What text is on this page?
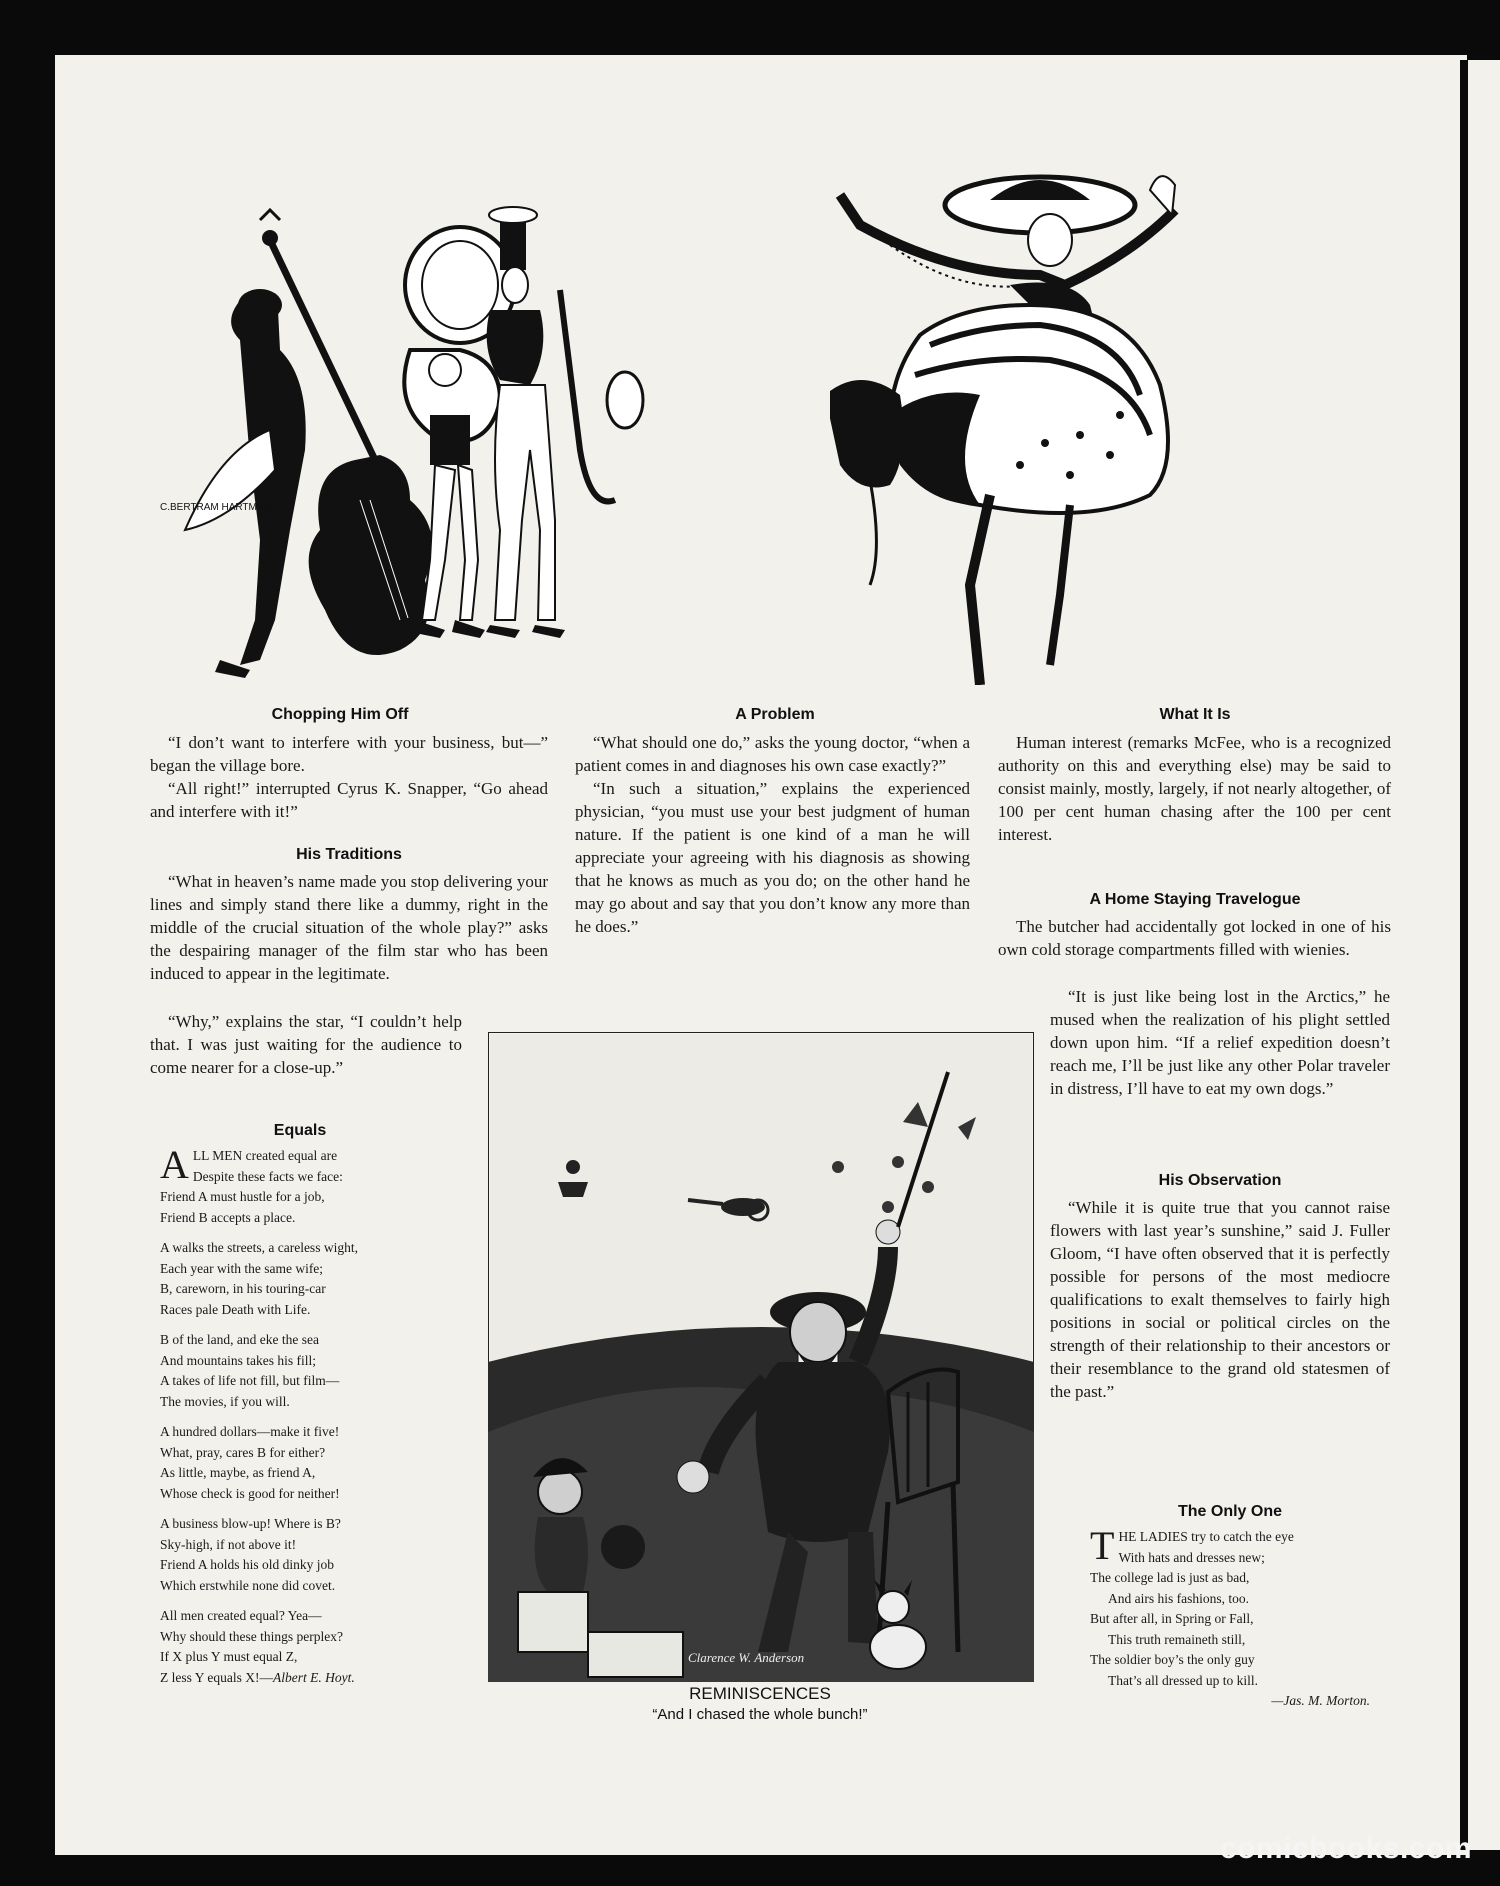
C.BERTRAM HARTMAN
Chopping Him Off

“I don’t want to interfere with your business, but—” began the village bore.

“All right!” interrupted Cyrus K. Snapper, “Go ahead and interfere with it!”

His Traditions

“What in heaven’s name made you stop delivering your lines and simply stand there like a dummy, right in the middle of the crucial situation of the whole play?” asks the despairing manager of the film star who has been induced to appear in the legitimate.

“Why,” explains the star, “I couldn’t help that. I was just waiting for the audience to come nearer for a close-up.”

Equals
A LL MEN created equal are
Despite these facts we face:
Friend A must hustle for a job,
Friend B accepts a place.
A walks the streets, a careless wight,
Each year with the same wife;
B, careworn, in his touring-car
Races pale Death with Life.
B of the land, and eke the sea
And mountains takes his fill;
A takes of life not fill, but film—
The movies, if you will.
A hundred dollars—make it five!
What, pray, cares B for either?
As little, maybe, as friend A,
Whose check is good for neither!
A business blow-up! Where is B?
Sky-high, if not above it!
Friend A holds his old dinky job
Which erstwhile none did covet.
All men created equal? Yea—
Why should these things perplex?
If X plus Y must equal Z,
Z less Y equals X!—Albert E. Hoyt.
A Problem

“What should one do,” asks the young doctor, “when a patient comes in and diagnoses his own case exactly?”

“In such a situation,” explains the experienced physician, “you must use your best judgment of human nature. If the patient is one kind of a man he will appreciate your agreeing with his diagnosis as showing that he knows as much as you do; on the other hand he may go about and say that you don’t know any more than he does.”

Clarence W. Anderson
REMINISCENCES
“And I chased the whole bunch!”
What It Is

Human interest (remarks McFee, who is a recognized authority on this and everything else) may be said to consist mainly, mostly, largely, if not nearly altogether, of 100 per cent human chasing after the 100 per cent interest.

A Home Staying Travelogue

The butcher had accidentally got locked in one of his own cold storage compartments filled with wienies.

“It is just like being lost in the Arctics,” he mused when the realization of his plight settled down upon him. “If a relief expedition doesn’t reach me, I’ll be just like any other Polar traveler in distress, I’ll have to eat my own dogs.”

His Observation

“While it is quite true that you cannot raise flowers with last year’s sunshine,” said J. Fuller Gloom, “I have often observed that it is perfectly possible for persons of the most mediocre qualifications to exalt themselves to fairly high positions in social or political circles on the strength of their relationship to their ancestors or their resemblance to the grand old statesmen of the past.”

The Only One
T HE LADIES try to catch the eye
With hats and dresses new;
The college lad is just as bad,
And airs his fashions, too.
But after all, in Spring or Fall,
This truth remaineth still,
The soldier boy’s the only guy
That’s all dressed up to kill.
—Jas. M. Morton.
comicbooks.com
